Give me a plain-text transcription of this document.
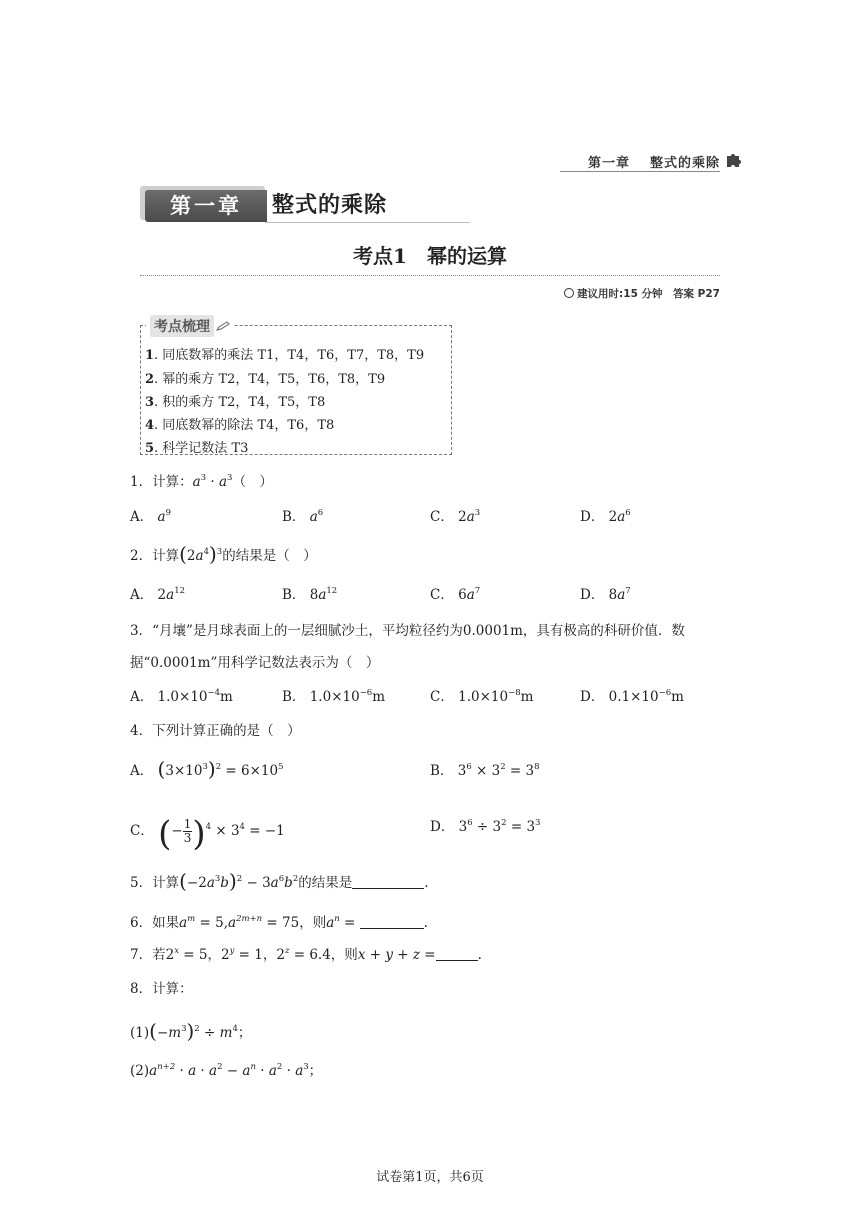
第一章 整式的乘除
第一章	整式的乘除
考点1　幂的运算
建议用时:15 分钟　答案 P27
考点梳理
1. 同底数幂的乘法 T1，T4，T6，T7，T8，T9
2. 幂的乘方 T2，T4，T5，T6，T8，T9
3. 积的乘方 T2，T4，T5，T8
4. 同底数幂的除法 T4，T6，T8
5. 科学记数法 T3
1．计算：$a^3 \cdot a^3$（　）
A． $a^9$	B． $a^6$	C． $2a^3$	D． $2a^6$
2．计算$(2a^4)^3$的结果是（　）
A． $2a^{12}$	B． $8a^{12}$	C． $6a^7$	D． $8a^7$
3．“月壤”是月球表面上的一层细腻沙土，平均粒径约为0.0001m，具有极高的科研价值．数
据“0.0001m”用科学记数法表示为（　）
A． $1.0\times 10^{-4}m$	B． $1.0\times 10^{-6}m$	C． $1.0\times 10^{-8}m$	D． $0.1\times 10^{-6}m$
4．下列计算正确的是（　）
A． $(3\times 10^3)^2 = 6\times 10^5$	B． $3^6 \times 3^2 = 3^8$
C． (− $\frac{1}{3} )^4 \times 3^4 = -1$	D． $3^6 \div 3^2 = 3^3$
5．计算$(-2a^3b)^2 - 3a^6b^2$的结果是	.
6．如果$a^m = 5,a^{2m+n} = 75$，则$a^n$ =	.
7．若$2^x = 5$，$2^y = 1$，$2^z = 6.4$，则x + y + z =	.
8．计算：
$(1)(-m^3)^2 \div m^4$；
$(2)a^{n+2} \cdot a \cdot a^2 - a^n \cdot a^2 \cdot a^3$；
试卷第1页，共6页
